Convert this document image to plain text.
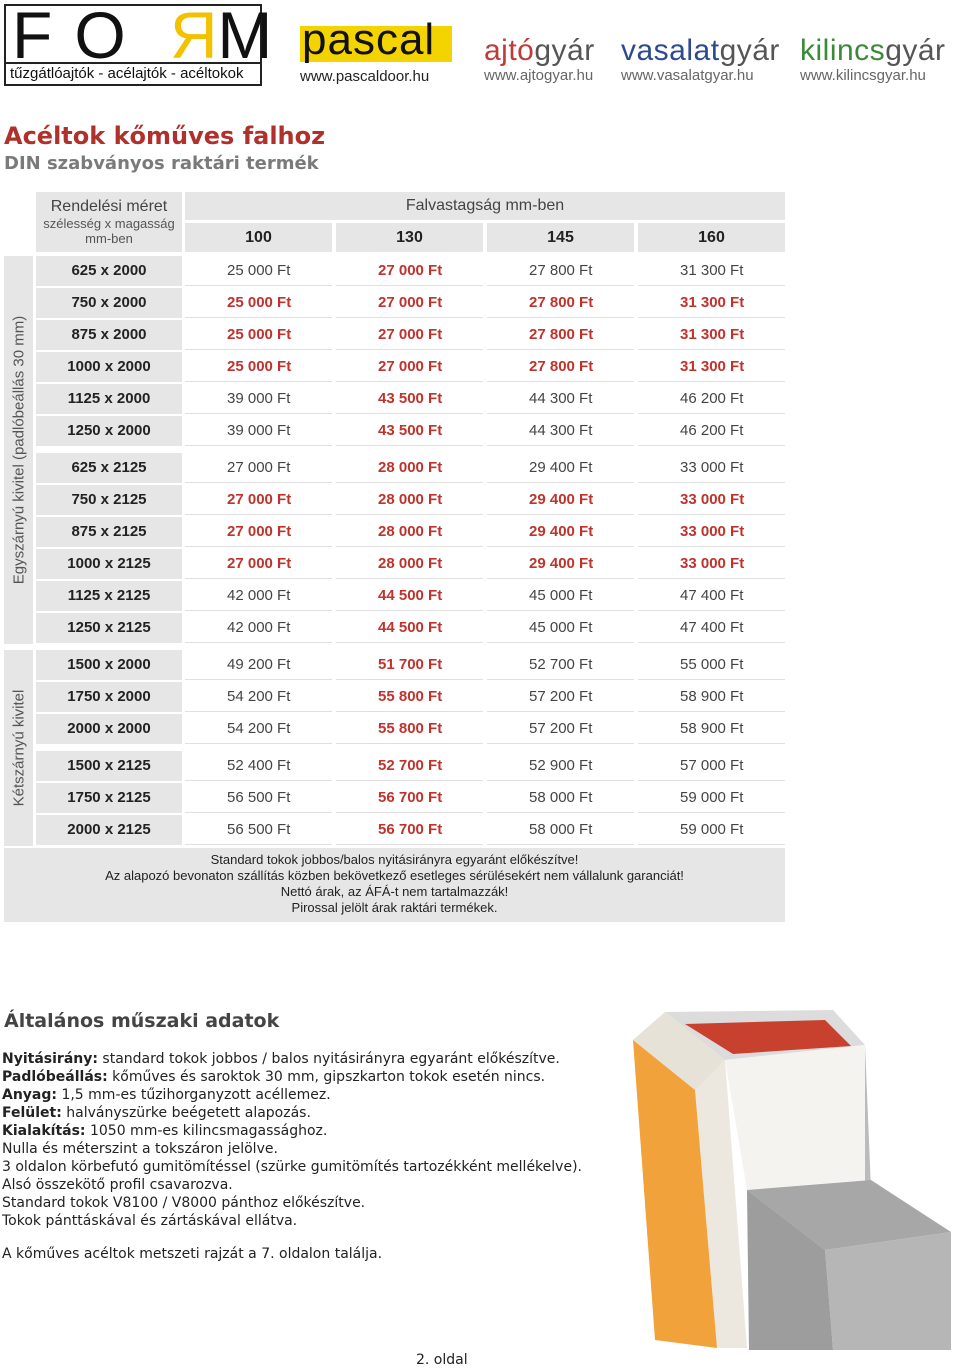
FORM
tűzgátlóajtók - acélajtók - acéltokok
pascal
www.pascaldoor.hu
ajtógyár
www.ajtogyar.hu
vasalatgyár
www.vasalatgyar.hu
kilincsgyár
www.kilincsgyar.hu
Acéltok kőműves falhoz
DIN szabványos raktári termék
Rendelési méret
szélesség x magasság
mm-ben
Falvastagság mm-ben
100	130	145	160
Egyszárnyú kivitel (padlóbeállás 30 mm)
Kétszárnyú kivitel
625 x 2000	25 000 Ft	27 000 Ft	27 800 Ft	31 300 Ft
750 x 2000	25 000 Ft	27 000 Ft	27 800 Ft	31 300 Ft
875 x 2000	25 000 Ft	27 000 Ft	27 800 Ft	31 300 Ft
1000 x 2000	25 000 Ft	27 000 Ft	27 800 Ft	31 300 Ft
1125 x 2000	39 000 Ft	43 500 Ft	44 300 Ft	46 200 Ft
1250 x 2000	39 000 Ft	43 500 Ft	44 300 Ft	46 200 Ft
625 x 2125	27 000 Ft	28 000 Ft	29 400 Ft	33 000 Ft
750 x 2125	27 000 Ft	28 000 Ft	29 400 Ft	33 000 Ft
875 x 2125	27 000 Ft	28 000 Ft	29 400 Ft	33 000 Ft
1000 x 2125	27 000 Ft	28 000 Ft	29 400 Ft	33 000 Ft
1125 x 2125	42 000 Ft	44 500 Ft	45 000 Ft	47 400 Ft
1250 x 2125	42 000 Ft	44 500 Ft	45 000 Ft	47 400 Ft
1500 x 2000	49 200 Ft	51 700 Ft	52 700 Ft	55 000 Ft
1750 x 2000	54 200 Ft	55 800 Ft	57 200 Ft	58 900 Ft
2000 x 2000	54 200 Ft	55 800 Ft	57 200 Ft	58 900 Ft
1500 x 2125	52 400 Ft	52 700 Ft	52 900 Ft	57 000 Ft
1750 x 2125	56 500 Ft	56 700 Ft	58 000 Ft	59 000 Ft
2000 x 2125	56 500 Ft	56 700 Ft	58 000 Ft	59 000 Ft
Standard tokok jobbos/balos nyitásirányra egyaránt előkészítve!
Az alapozó bevonaton szállítás közben bekövetkező esetleges sérülésekért nem vállalunk garanciát!
Nettó árak, az ÁFÁ-t nem tartalmazzák!
Pirossal jelölt árak raktári termékek.
Általános műszaki adatok
Nyitásirány: standard tokok jobbos / balos nyitásirányra egyaránt előkészítve.
Padlóbeállás: kőműves és saroktok 30 mm, gipszkarton tokok esetén nincs.
Anyag: 1,5 mm-es tűzihorganyzott acéllemez.
Felület: halványszürke beégetett alapozás.
Kialakítás: 1050 mm-es kilincsmagassághoz.
Nulla és méterszint a tokszáron jelölve.
3 oldalon körbefutó gumitömítéssel (szürke gumitömítés tartozékként mellékelve).
Alsó összekötő profil csavarozva.
Standard tokok V8100 / V8000 pánthoz előkészítve.
Tokok pánttáskával és zártáskával ellátva.
A kőműves acéltok metszeti rajzát a 7. oldalon találja.
2. oldal
